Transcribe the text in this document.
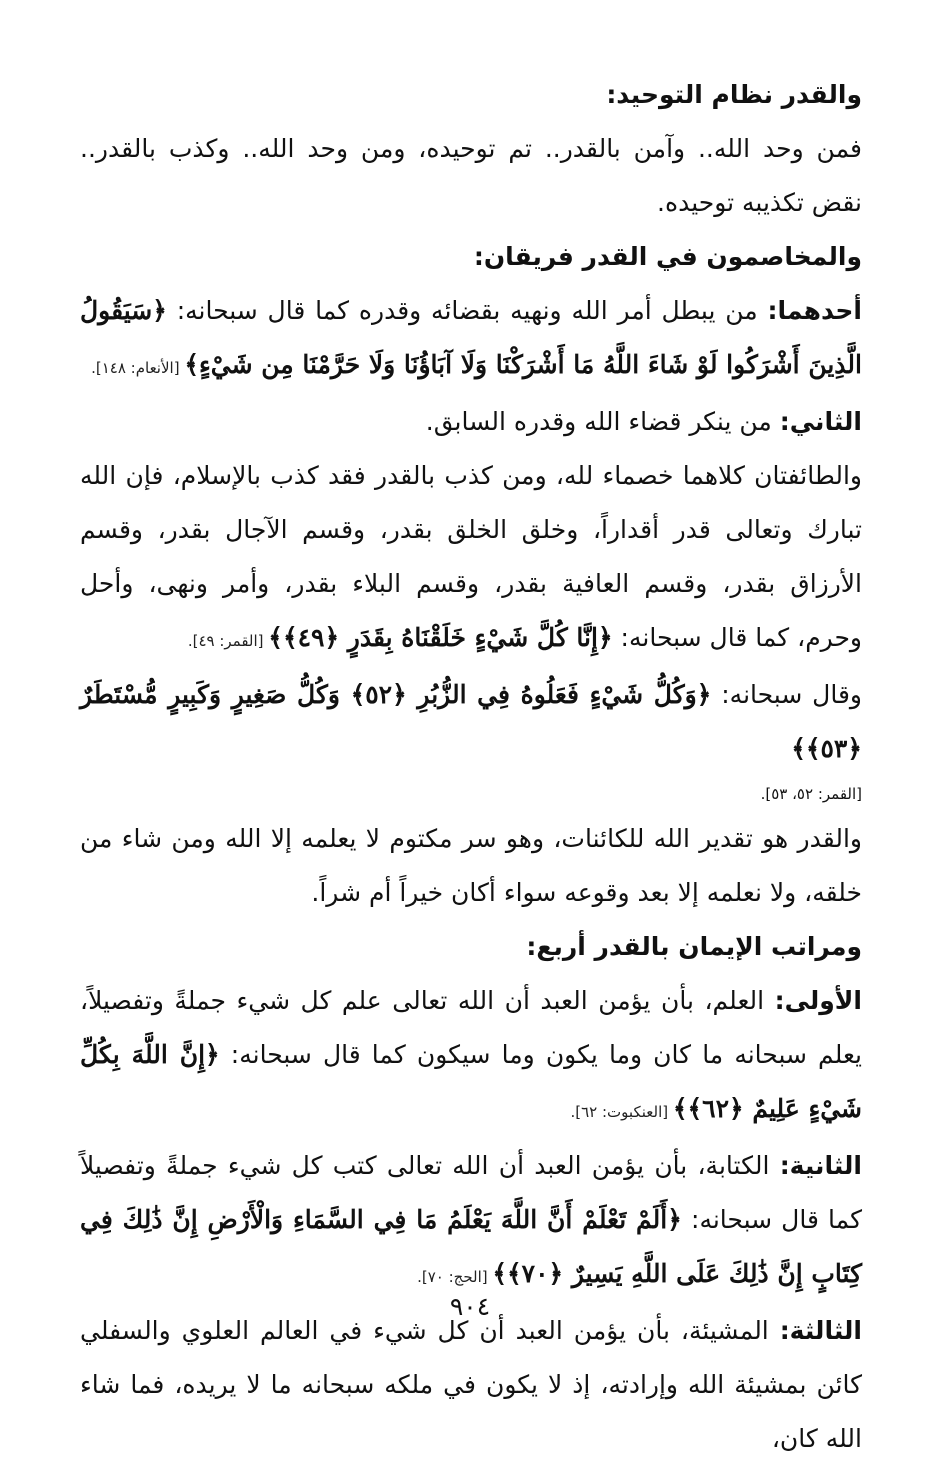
والقدر نظام التوحيد:

فمن وحد الله.. وآمن بالقدر.. تم توحيده، ومن وحد الله.. وكذب بالقدر.. نقض تكذيبه توحيده.

والمخاصمون في القدر فريقان:

أحدهما: من يبطل أمر الله ونهيه بقضائه وقدره كما قال سبحانه: ﴿سَيَقُولُ الَّذِينَ أَشْرَكُوا لَوْ شَاءَ اللَّهُ مَا أَشْرَكْنَا وَلَا آبَاؤُنَا وَلَا حَرَّمْنَا مِن شَيْءٍ﴾ [الأنعام: ١٤٨].

الثاني: من ينكر قضاء الله وقدره السابق.

والطائفتان كلاهما خصماء لله، ومن كذب بالقدر فقد كذب بالإسلام، فإن الله تبارك وتعالى قدر أقداراً، وخلق الخلق بقدر، وقسم الآجال بقدر، وقسم الأرزاق بقدر، وقسم العافية بقدر، وقسم البلاء بقدر، وأمر ونهى، وأحل وحرم، كما قال سبحانه: ﴿إِنَّا كُلَّ شَيْءٍ خَلَقْنَاهُ بِقَدَرٍ ﴿٤٩﴾﴾ [القمر: ٤٩].

وقال سبحانه: ﴿وَكُلُّ شَيْءٍ فَعَلُوهُ فِي الزُّبُرِ ﴿٥٢﴾ وَكُلُّ صَغِيرٍ وَكَبِيرٍ مُّسْتَطَرٌ ﴿٥٣﴾﴾

[القمر: ٥٢، ٥٣].

والقدر هو تقدير الله للكائنات، وهو سر مكتوم لا يعلمه إلا الله ومن شاء من خلقه، ولا نعلمه إلا بعد وقوعه سواء أكان خيراً أم شراً.

ومراتب الإيمان بالقدر أربع:

الأولى: العلم، بأن يؤمن العبد أن الله تعالى علم كل شيء جملةً وتفصيلاً، يعلم سبحانه ما كان وما يكون وما سيكون كما قال سبحانه: ﴿إِنَّ اللَّهَ بِكُلِّ شَيْءٍ عَلِيمٌ ﴿٦٢﴾﴾ [العنكبوت: ٦٢].

الثانية: الكتابة، بأن يؤمن العبد أن الله تعالى كتب كل شيء جملةً وتفصيلاً كما قال سبحانه: ﴿أَلَمْ تَعْلَمْ أَنَّ اللَّهَ يَعْلَمُ مَا فِي السَّمَاءِ وَالْأَرْضِ إِنَّ ذَٰلِكَ فِي كِتَابٍ إِنَّ ذَٰلِكَ عَلَى اللَّهِ يَسِيرٌ ﴿٧٠﴾﴾ [الحج: ٧٠].

الثالثة: المشيئة، بأن يؤمن العبد أن كل شيء في العالم العلوي والسفلي كائن بمشيئة الله وإرادته، إذ لا يكون في ملكه سبحانه ما لا يريده، فما شاء الله كان،

٩٠٤
